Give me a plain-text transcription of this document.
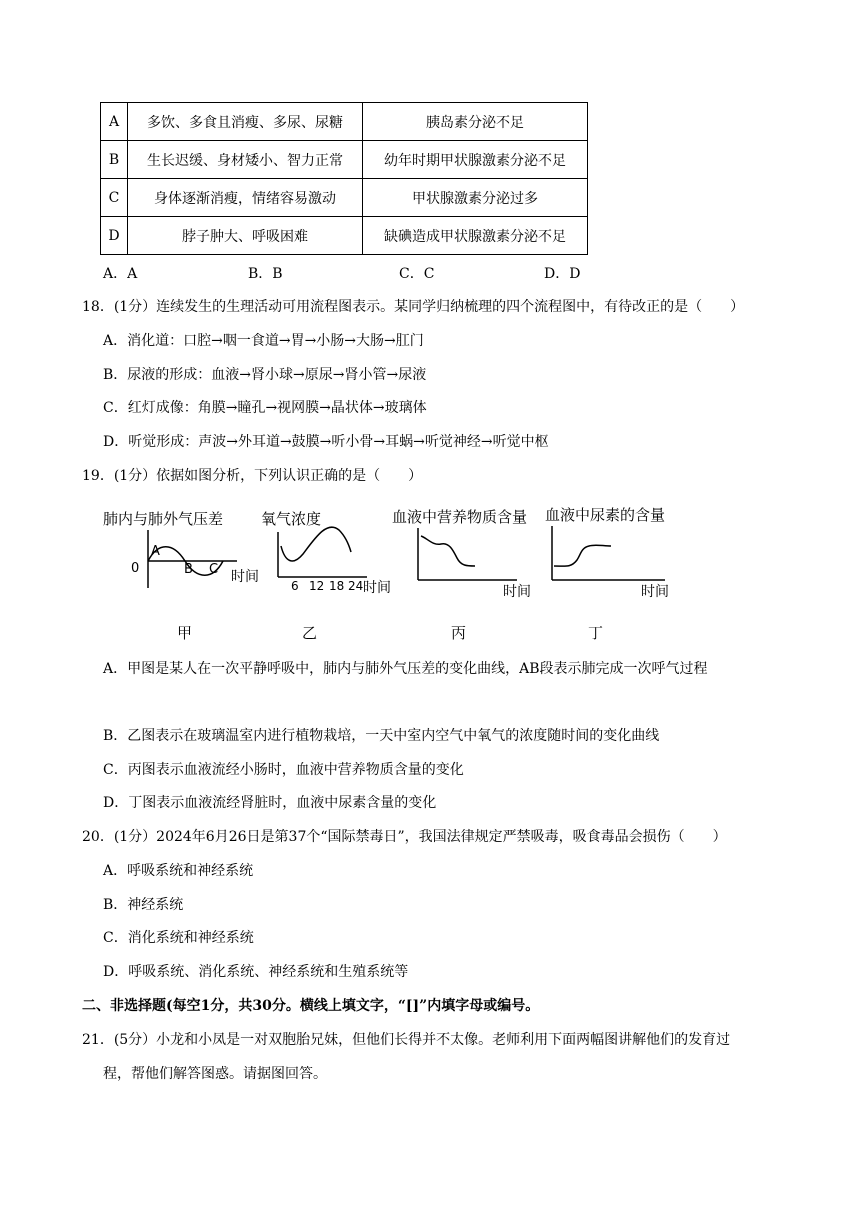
A	多饮、多食且消瘦、多尿、尿糖	胰岛素分泌不足
B	生长迟缓、身材矮小、智力正常	幼年时期甲状腺激素分泌不足
C	身体逐渐消瘦，情绪容易激动	甲状腺激素分泌过多
D	脖子肿大、呼吸困难	缺碘造成甲状腺激素分泌不足
A．A	B．B	C．C	D．D
18．(1分）连续发生的生理活动可用流程图表示。某同学归纳梳理的四个流程图中，有待改正的是（　　）
A．消化道：口腔→咽一食道→胃→小肠→大肠→肛门
B．尿液的形成：血液→肾小球→原尿→肾小管→尿液
C．红灯成像：角膜→瞳孔→视网膜→晶状体→玻璃体
D．听觉形成：声波→外耳道→鼓膜→听小骨→耳蜗→听觉神经→听觉中枢
19．(1分）依据如图分析，下列认识正确的是（　　）
肺内与肺外气压差
0
A
B C 时间
甲
氧气浓度
6 12 18 24 时间
乙
血液中营养物质含量
时间
丙
血液中尿素的含量
时间
丁
A．甲图是某人在一次平静呼吸中，肺内与肺外气压差的变化曲线，AB段表示肺完成一次呼气过程
B．乙图表示在玻璃温室内进行植物栽培，一天中室内空气中氧气的浓度随时间的变化曲线
C．丙图表示血液流经小肠时，血液中营养物质含量的变化
D．丁图表示血液流经肾脏时，血液中尿素含量的变化
20．(1分）2024年6月26日是第37个“国际禁毒日”，我国法律规定严禁吸毒，吸食毒品会损伤（　　）
A．呼吸系统和神经系统
B．神经系统
C．消化系统和神经系统
D．呼吸系统、消化系统、神经系统和生殖系统等
二、非选择题(每空1分，共30分。横线上填文字，“[]”内填字母或编号。
21．(5分）小龙和小凤是一对双胞胎兄妹，但他们长得并不太像。老师利用下面两幅图讲解他们的发育过
程，帮他们解答图惑。请据图回答。
